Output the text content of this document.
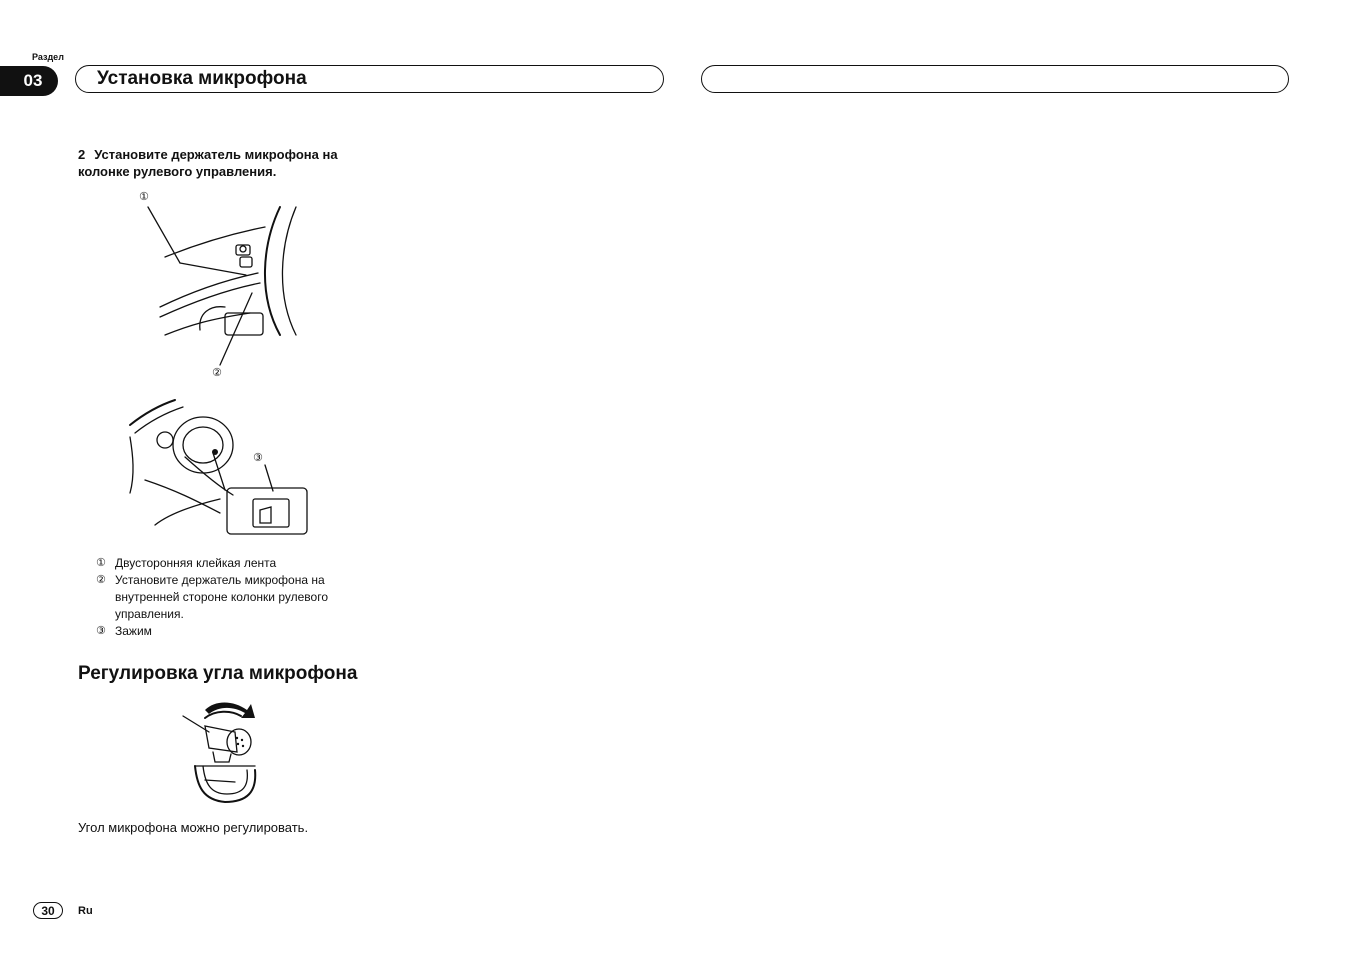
Раздел
03	Установка микрофона
2 Установите держатель микрофона на колонке рулевого управления.
①
②
③
① Двусторонняя клейкая лента
② Установите держатель микрофона на внутренней стороне колонки рулевого управления.
③ Зажим
Регулировка угла микрофона
Угол микрофона можно регулировать.
30	Ru
